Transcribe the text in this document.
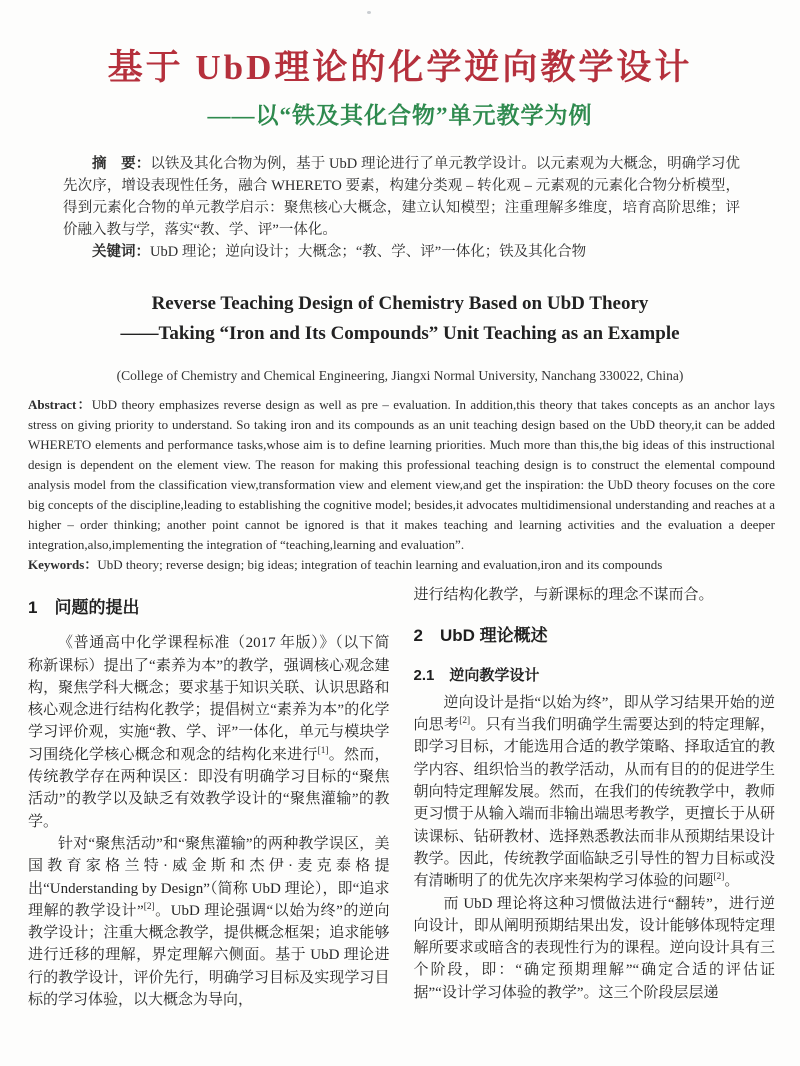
基于 UbD理论的化学逆向教学设计
——以“铁及其化合物”单元教学为例

摘　要：以铁及其化合物为例，基于 UbD 理论进行了单元教学设计。以元素观为大概念，明确学习优先次序，增设表现性任务，融合 WHERETO 要素，构建分类观 – 转化观 – 元素观的元素化合物分析模型，得到元素化合物的单元教学启示：聚焦核心大概念，建立认知模型；注重理解多维度，培育高阶思维；评价融入教与学，落实“教、学、评”一体化。

关键词：UbD 理论；逆向设计；大概念；“教、学、评”一体化；铁及其化合物

Reverse Teaching Design of Chemistry Based on UbD Theory
——Taking “Iron and Its Compounds” Unit Teaching as an Example
(College of Chemistry and Chemical Engineering, Jiangxi Normal University, Nanchang 330022, China)

Abstract：UbD theory emphasizes reverse design as well as pre – evaluation. In addition,this theory that takes concepts as an anchor lays stress on giving priority to understand. So taking iron and its compounds as an unit teaching design based on the UbD theory,it can be added WHERETO elements and performance tasks,whose aim is to define learning priorities. Much more than this,the big ideas of this instructional design is dependent on the element view. The reason for making this professional teaching design is to construct the elemental compound analysis model from the classification view,transformation view and element view,and get the inspiration: the UbD theory focuses on the core big concepts of the discipline,leading to establishing the cognitive model; besides,it advocates multidimensional understanding and reaches at a higher – order thinking; another point cannot be ignored is that it makes teaching and learning activities and the evaluation a deeper integration,also,implementing the integration of “teaching,learning and evaluation”.

Keywords：UbD theory; reverse design; big ideas; integration of teachin learning and evaluation,iron and its compounds

1　问题的提出

《普通高中化学课程标准（2017 年版）》（以下简称新课标）提出了“素养为本”的教学，强调核心观念建构，聚焦学科大概念；要求基于知识关联、认识思路和核心观念进行结构化教学；提倡树立“素养为本”的化学学习评价观，实施“教、学、评”一体化，单元与模块学习围绕化学核心概念和观念的结构化来进行[1]。然而，传统教学存在两种误区：即没有明确学习目标的“聚焦活动”的教学以及缺乏有效教学设计的“聚焦灌输”的教学。

针对“聚焦活动”和“聚焦灌输”的两种教学误区，美国教育家格兰特·威金斯和杰伊·麦克泰格提出“Understanding by Design”（简称 UbD 理论），即“追求理解的教学设计”[2]。UbD 理论强调“以始为终”的逆向教学设计；注重大概念教学，提供概念框架；追求能够进行迁移的理解，界定理解六侧面。基于 UbD 理论进行的教学设计，评价先行，明确学习目标及实现学习目标的学习体验，以大概念为导向，

进行结构化教学，与新课标的理念不谋而合。

2　UbD 理论概述
2.1　逆向教学设计

逆向设计是指“以始为终”，即从学习结果开始的逆向思考[2]。只有当我们明确学生需要达到的特定理解，即学习目标，才能选用合适的教学策略、择取适宜的教学内容、组织恰当的教学活动，从而有目的的促进学生朝向特定理解发展。然而，在我们的传统教学中，教师更习惯于从输入端而非输出端思考教学，更擅长于从研读课标、钻研教材、选择熟悉教法而非从预期结果设计教学。因此，传统教学面临缺乏引导性的智力目标或没有清晰明了的优先次序来架构学习体验的问题[2]。

而 UbD 理论将这种习惯做法进行“翻转”，进行逆向设计，即从阐明预期结果出发，设计能够体现特定理解所要求或暗含的表现性行为的课程。逆向设计具有三个阶段，即：“确定预期理解”“确定合适的评估证据”“设计学习体验的教学”。这三个阶段层层递
